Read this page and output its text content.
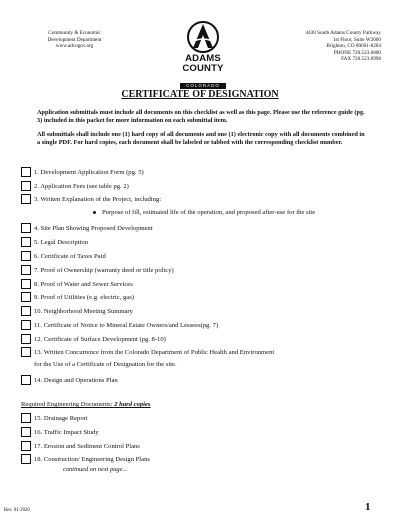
Community & Economic
Development Department
www.adcogov.org
ADAMS COUNTY
COLORADO
4430 South Adams County Parkway
1st Floor, Suite W2000
Brighton, CO 80601-8204
PHONE 720.523.6800
FAX 720.523.6998
CERTIFICATE OF DESIGNATION
Application submittals must include all documents on this checklist as well as this page. Please use the reference guide (pg. 3) included in this packet for more information on each submittal item.
All submittals shall include one (1) hard copy of all documents and one (1) electronic copy with all documents combined in a single PDF. For hard copies, each document shall be labeled or tabbed with the corresponding checklist number.
1. Development Application Form (pg. 5)
2. Application Fees (see table pg. 2)
3. Written Explanation of the Project, including:
Purpose of fill, estimated life of the operation, and proposed after-use for the site
4. Site Plan Showing Proposed Development
5. Legal Description
6. Certificate of Taxes Paid
7. Proof of Ownership (warranty deed or title policy)
8. Proof of Water and Sewer Services
9. Proof of Utilities (e.g. electric, gas)
10. Neighborhood Meeting Summary
11. Certificate of Notice to Mineral Estate Owners/and Lessees(pg. 7)
12. Certificate of Surface Development (pg. 8-10)
13. Written Concurrence from the Colorado Department of Public Health and Environment
for the Use of a Certificate of Designation for the site.
14. Design and Operations Plan
Required Engineering Documents: 2 hard copies
15. Drainage Report
16. Traffic Impact Study
17. Erosion and Sediment Control Plans
18. Construction/ Engineering Design Plans
continued on next page...
Rev. 01-2020	1
